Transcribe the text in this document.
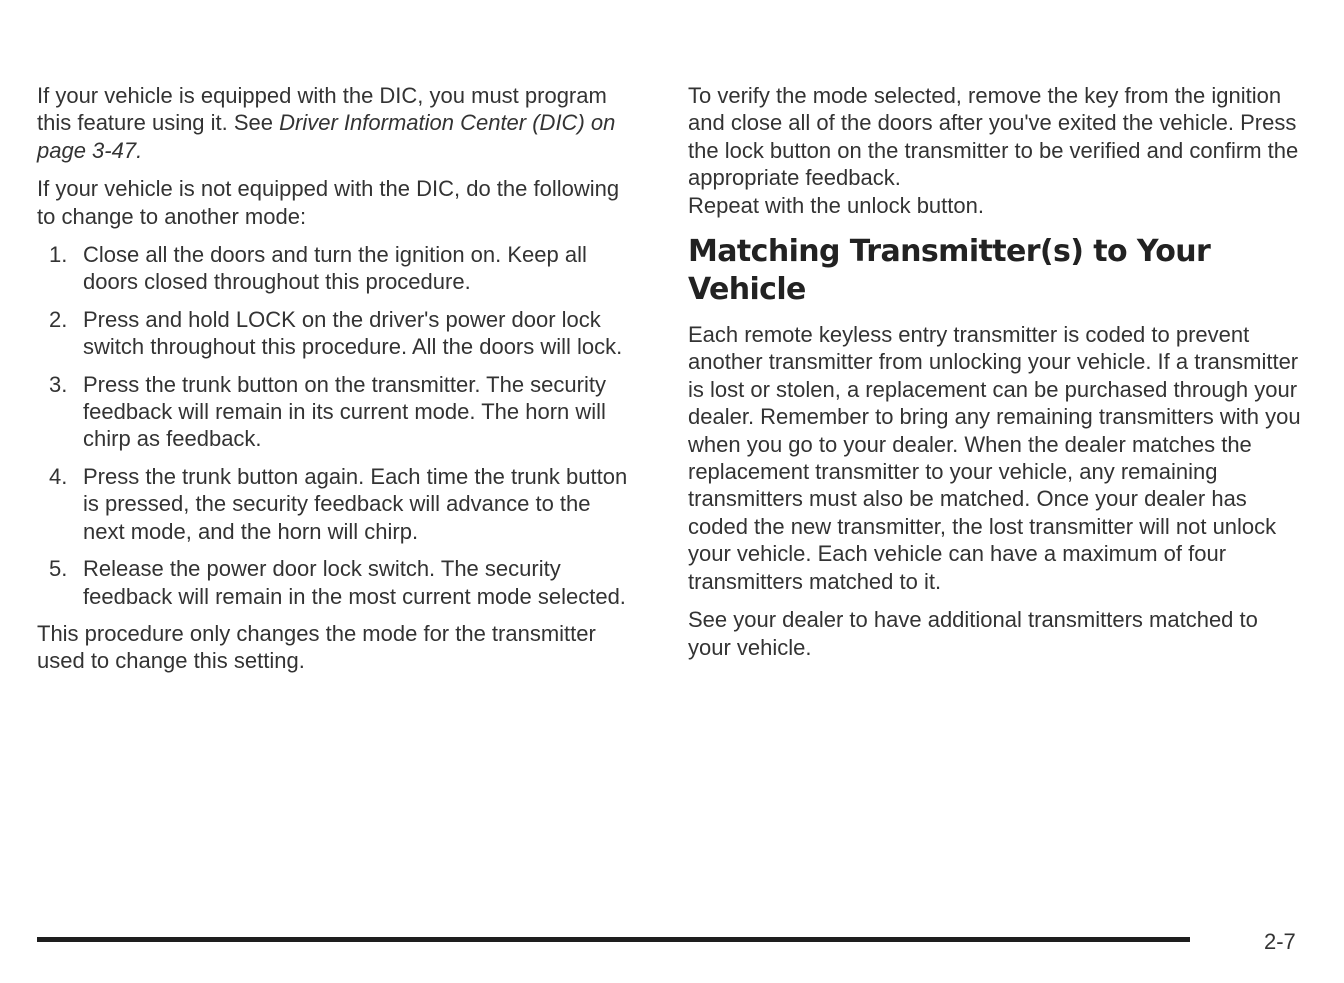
If your vehicle is equipped with the DIC, you must program this feature using it. See Driver Information Center (DIC) on page 3-47.

If your vehicle is not equipped with the DIC, do the following to change to another mode:

1. Close all the doors and turn the ignition on. Keep all doors closed throughout this procedure.
2. Press and hold LOCK on the driver's power door lock switch throughout this procedure. All the doors will lock.
3. Press the trunk button on the transmitter. The security feedback will remain in its current mode. The horn will chirp as feedback.
4. Press the trunk button again. Each time the trunk button is pressed, the security feedback will advance to the next mode, and the horn will chirp.
5. Release the power door lock switch. The security feedback will remain in the most current mode selected.

This procedure only changes the mode for the transmitter used to change this setting.

To verify the mode selected, remove the key from the ignition and close all of the doors after you've exited the vehicle. Press the lock button on the transmitter to be verified and confirm the appropriate feedback.

Repeat with the unlock button.

Matching Transmitter(s) to Your Vehicle

Each remote keyless entry transmitter is coded to prevent another transmitter from unlocking your vehicle. If a transmitter is lost or stolen, a replacement can be purchased through your dealer. Remember to bring any remaining transmitters with you when you go to your dealer. When the dealer matches the replacement transmitter to your vehicle, any remaining transmitters must also be matched. Once your dealer has coded the new transmitter, the lost transmitter will not unlock your vehicle. Each vehicle can have a maximum of four transmitters matched to it.

See your dealer to have additional transmitters matched to your vehicle.

2-7
